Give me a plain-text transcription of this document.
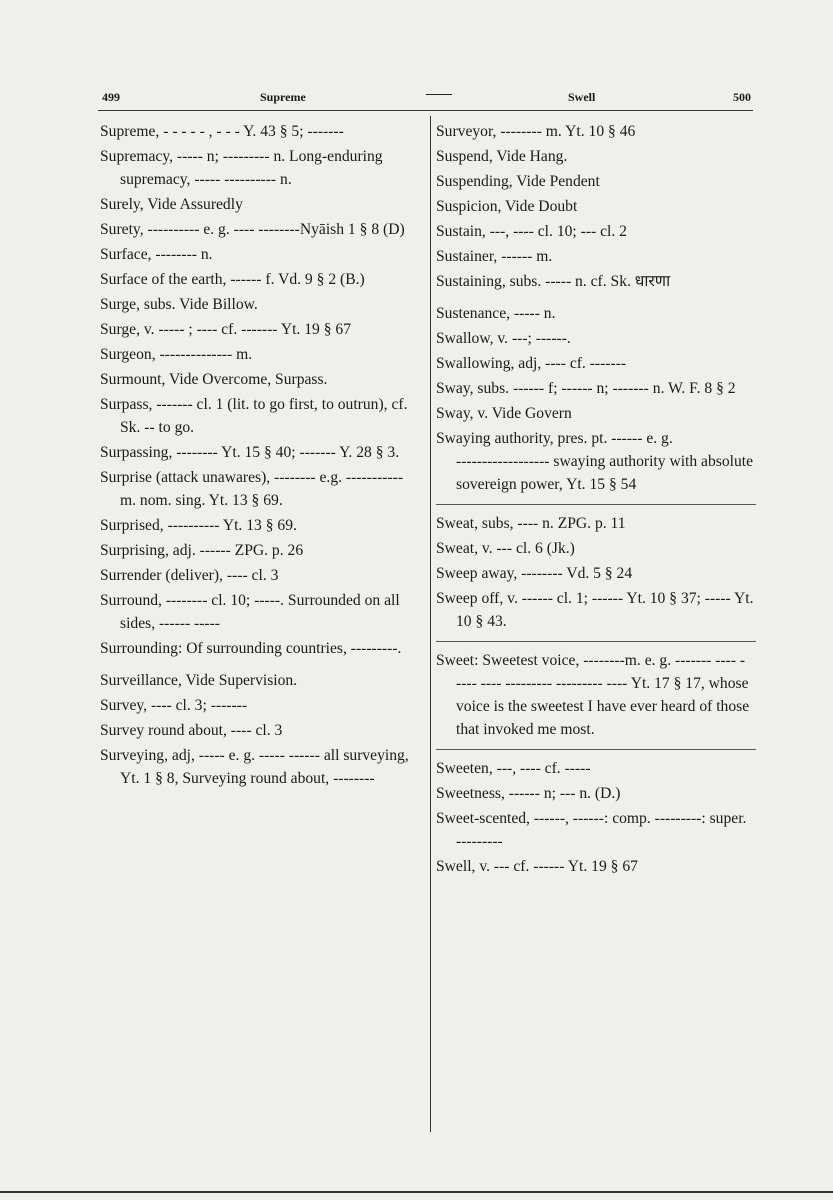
499	Supreme	Swell	500

Supreme, ‑ ‑ ‑ ‑ ‑ , ‑ ‑ ‑ Y. 43 § 5; ‑‑‑‑‑‑‑

Supremacy, ‑‑‑‑‑ n; ‑‑‑‑‑‑‑‑‑ n. Long-enduring supremacy, ‑‑‑‑‑ ‑‑‑‑‑‑‑‑‑‑ n.

Surely, Vide Assuredly

Surety, ‑‑‑‑‑‑‑‑‑‑ e. g. ‑‑‑‑ ‑‑‑‑‑‑‑‑Nyāish 1 § 8 (D)

Surface, ‑‑‑‑‑‑‑‑ n.

Surface of the earth, ‑‑‑‑‑‑ f. Vd. 9 § 2 (B.)

Surge, subs. Vide Billow.

Surge, v. ‑‑‑‑‑ ; ‑‑‑‑ cf. ‑‑‑‑‑‑‑ Yt. 19 § 67

Surgeon, ‑‑‑‑‑‑‑‑‑‑‑‑‑‑ m.

Surmount, Vide Overcome, Surpass.

Surpass, ‑‑‑‑‑‑‑ cl. 1 (lit. to go first, to outrun), cf. Sk. ‑‑ to go.

Surpassing, ‑‑‑‑‑‑‑‑ Yt. 15 § 40; ‑‑‑‑‑‑‑ Y. 28 § 3.

Surprise (attack unawares), ‑‑‑‑‑‑‑‑ e.g. ‑‑‑‑‑‑‑‑‑‑‑ m. nom. sing. Yt. 13 § 69.

Surprised, ‑‑‑‑‑‑‑‑‑‑ Yt. 13 § 69.

Surprising, adj. ‑‑‑‑‑‑ ZPG. p. 26

Surrender (deliver), ‑‑‑‑ cl. 3

Surround, ‑‑‑‑‑‑‑‑ cl. 10; ‑‑‑‑‑. Surrounded on all sides, ‑‑‑‑‑‑ ‑‑‑‑‑

Surrounding: Of surrounding countries, ‑‑‑‑‑‑‑‑‑.

Surveillance, Vide Supervision.

Survey, ‑‑‑‑ cl. 3; ‑‑‑‑‑‑‑

Survey round about, ‑‑‑‑ cl. 3

Surveying, adj, ‑‑‑‑‑ e. g. ‑‑‑‑‑ ‑‑‑‑‑‑ all surveying, Yt. 1 § 8, Surveying round about, ‑‑‑‑‑‑‑‑

Surveyor, ‑‑‑‑‑‑‑‑ m. Yt. 10 § 46

Suspend, Vide Hang.

Suspending, Vide Pendent

Suspicion, Vide Doubt

Sustain, ‑‑‑, ‑‑‑‑ cl. 10; ‑‑‑ cl. 2

Sustainer, ‑‑‑‑‑‑ m.

Sustaining, subs. ‑‑‑‑‑ n. cf. Sk. धारणा

Sustenance, ‑‑‑‑‑ n.

Swallow, v. ‑‑‑; ‑‑‑‑‑‑.

Swallowing, adj, ‑‑‑‑ cf. ‑‑‑‑‑‑‑

Sway, subs. ‑‑‑‑‑‑ f; ‑‑‑‑‑‑ n; ‑‑‑‑‑‑‑ n. W. F. 8 § 2

Sway, v. Vide Govern

Swaying authority, pres. pt. ‑‑‑‑‑‑ e. g. ‑‑‑‑‑‑‑‑‑‑‑‑‑‑‑‑‑‑ swaying authority with absolute sovereign power, Yt. 15 § 54

Sweat, subs, ‑‑‑‑ n. ZPG. p. 11

Sweat, v. ‑‑‑ cl. 6 (Jk.)

Sweep away, ‑‑‑‑‑‑‑‑ Vd. 5 § 24

Sweep off, v. ‑‑‑‑‑‑ cl. 1; ‑‑‑‑‑‑ Yt. 10 § 37; ‑‑‑‑‑ Yt. 10 § 43.

Sweet: Sweetest voice, ‑‑‑‑‑‑‑‑m. e. g. ‑‑‑‑‑‑‑ ‑‑‑‑ ‑ ‑‑‑‑ ‑‑‑‑ ‑‑‑‑‑‑‑‑‑ ‑‑‑‑‑‑‑‑‑ ‑‑‑‑ Yt. 17 § 17, whose voice is the sweetest I have ever heard of those that invoked me most.

Sweeten, ‑‑‑, ‑‑‑‑ cf. ‑‑‑‑‑

Sweetness, ‑‑‑‑‑‑ n; ‑‑‑ n. (D.)

Sweet-scented, ‑‑‑‑‑‑, ‑‑‑‑‑‑: comp. ‑‑‑‑‑‑‑‑‑: super. ‑‑‑‑‑‑‑‑‑

Swell, v. ‑‑‑ cf. ‑‑‑‑‑‑ Yt. 19 § 67
